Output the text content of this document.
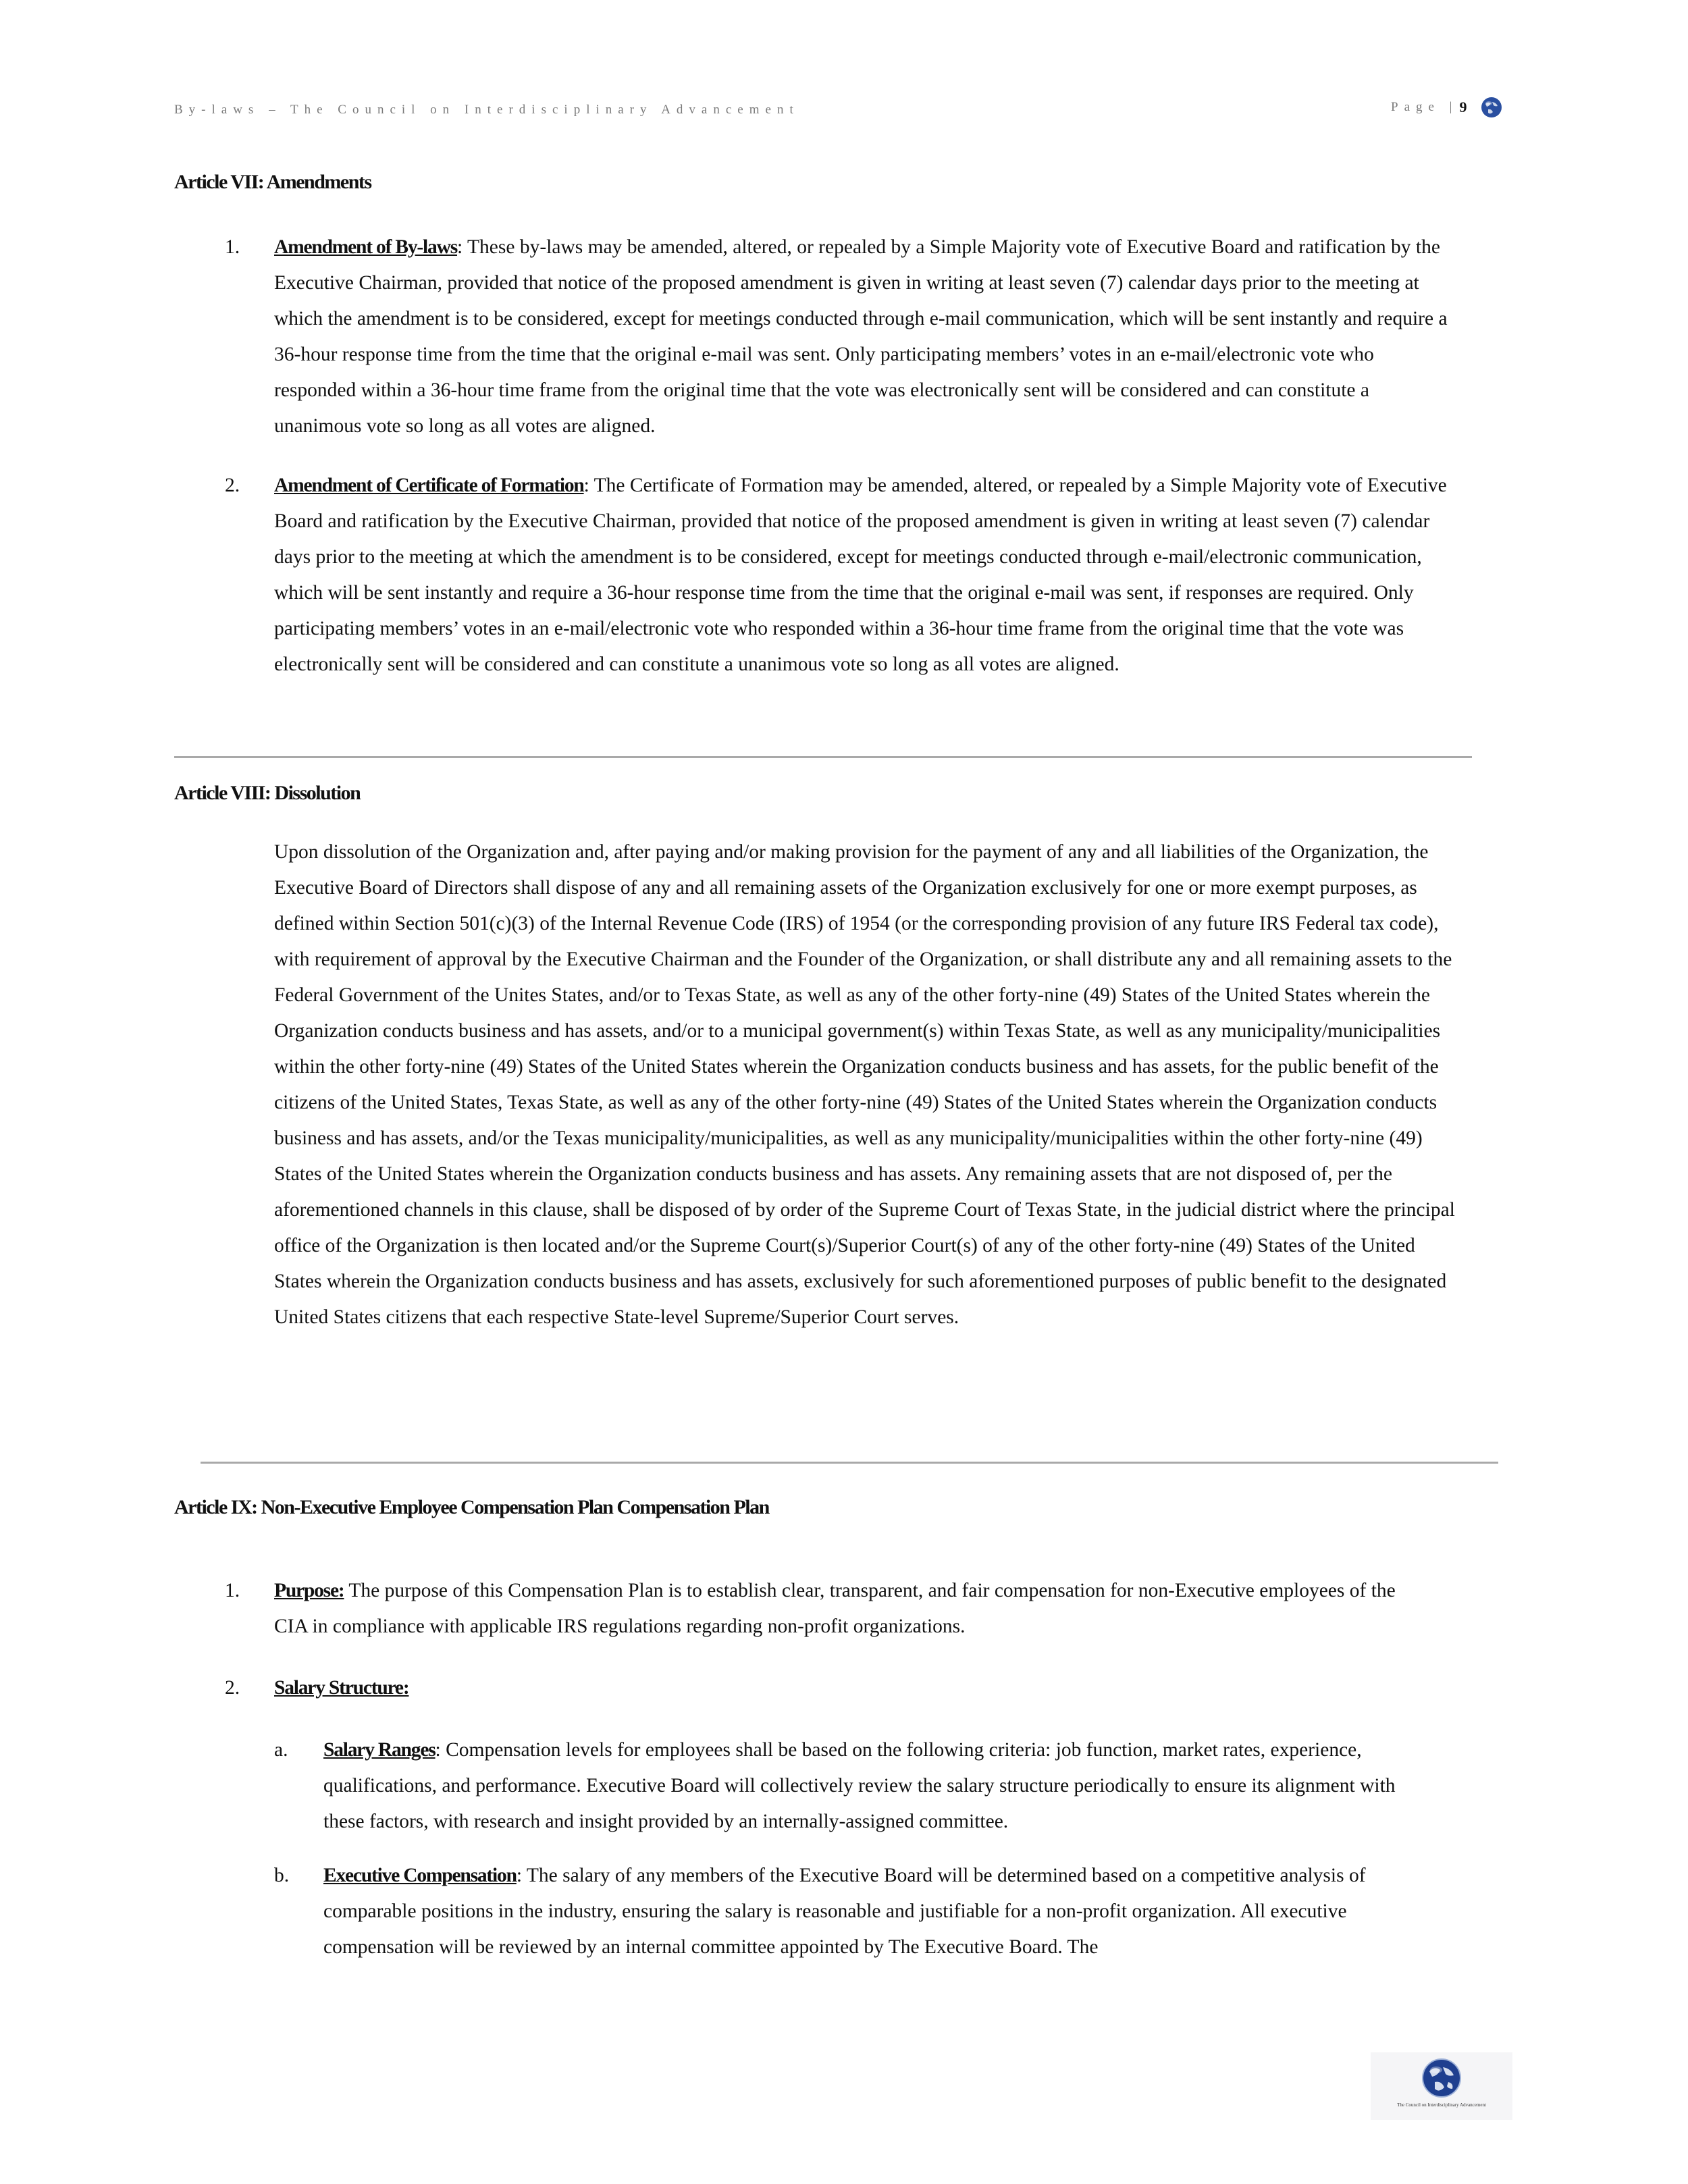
By-laws – The Council on Interdisciplinary Advancement	Page | 9
Article VII: Amendments
1. Amendment of By-laws: These by-laws may be amended, altered, or repealed by a Simple Majority vote of Executive Board and ratification by the Executive Chairman, provided that notice of the proposed amendment is given in writing at least seven (7) calendar days prior to the meeting at which the amendment is to be considered, except for meetings conducted through e-mail communication, which will be sent instantly and require a 36-hour response time from the time that the original e-mail was sent. Only participating members’ votes in an e-mail/electronic vote who responded within a 36-hour time frame from the original time that the vote was electronically sent will be considered and can constitute a unanimous vote so long as all votes are aligned.
2. Amendment of Certificate of Formation: The Certificate of Formation may be amended, altered, or repealed by a Simple Majority vote of Executive Board and ratification by the Executive Chairman, provided that notice of the proposed amendment is given in writing at least seven (7) calendar days prior to the meeting at which the amendment is to be considered, except for meetings conducted through e-mail/electronic communication, which will be sent instantly and require a 36-hour response time from the time that the original e-mail was sent, if responses are required. Only participating members’ votes in an e-mail/electronic vote who responded within a 36-hour time frame from the original time that the vote was electronically sent will be considered and can constitute a unanimous vote so long as all votes are aligned.
Article VIII: Dissolution
Upon dissolution of the Organization and, after paying and/or making provision for the payment of any and all liabilities of the Organization, the Executive Board of Directors shall dispose of any and all remaining assets of the Organization exclusively for one or more exempt purposes, as defined within Section 501(c)(3) of the Internal Revenue Code (IRS) of 1954 (or the corresponding provision of any future IRS Federal tax code), with requirement of approval by the Executive Chairman and the Founder of the Organization, or shall distribute any and all remaining assets to the Federal Government of the Unites States, and/or to Texas State, as well as any of the other forty-nine (49) States of the United States wherein the Organization conducts business and has assets, and/or to a municipal government(s) within Texas State, as well as any municipality/municipalities within the other forty-nine (49) States of the United States wherein the Organization conducts business and has assets, for the public benefit of the citizens of the United States, Texas State, as well as any of the other forty-nine (49) States of the United States wherein the Organization conducts business and has assets, and/or the Texas municipality/municipalities, as well as any municipality/municipalities within the other forty-nine (49) States of the United States wherein the Organization conducts business and has assets. Any remaining assets that are not disposed of, per the aforementioned channels in this clause, shall be disposed of by order of the Supreme Court of Texas State, in the judicial district where the principal office of the Organization is then located and/or the Supreme Court(s)/Superior Court(s) of any of the other forty-nine (49) States of the United States wherein the Organization conducts business and has assets, exclusively for such aforementioned purposes of public benefit to the designated United States citizens that each respective State-level Supreme/Superior Court serves.
Article IX: Non-Executive Employee Compensation Plan Compensation Plan
1. Purpose: The purpose of this Compensation Plan is to establish clear, transparent, and fair compensation for non-Executive employees of the CIA in compliance with applicable IRS regulations regarding non-profit organizations.
2. Salary Structure:
a. Salary Ranges: Compensation levels for employees shall be based on the following criteria: job function, market rates, experience, qualifications, and performance. Executive Board will collectively review the salary structure periodically to ensure its alignment with these factors, with research and insight provided by an internally-assigned committee.
b. Executive Compensation: The salary of any members of the Executive Board will be determined based on a competitive analysis of comparable positions in the industry, ensuring the salary is reasonable and justifiable for a non-profit organization. All executive compensation will be reviewed by an internal committee appointed by The Executive Board. The
The Council on Interdisciplinary Advancement
